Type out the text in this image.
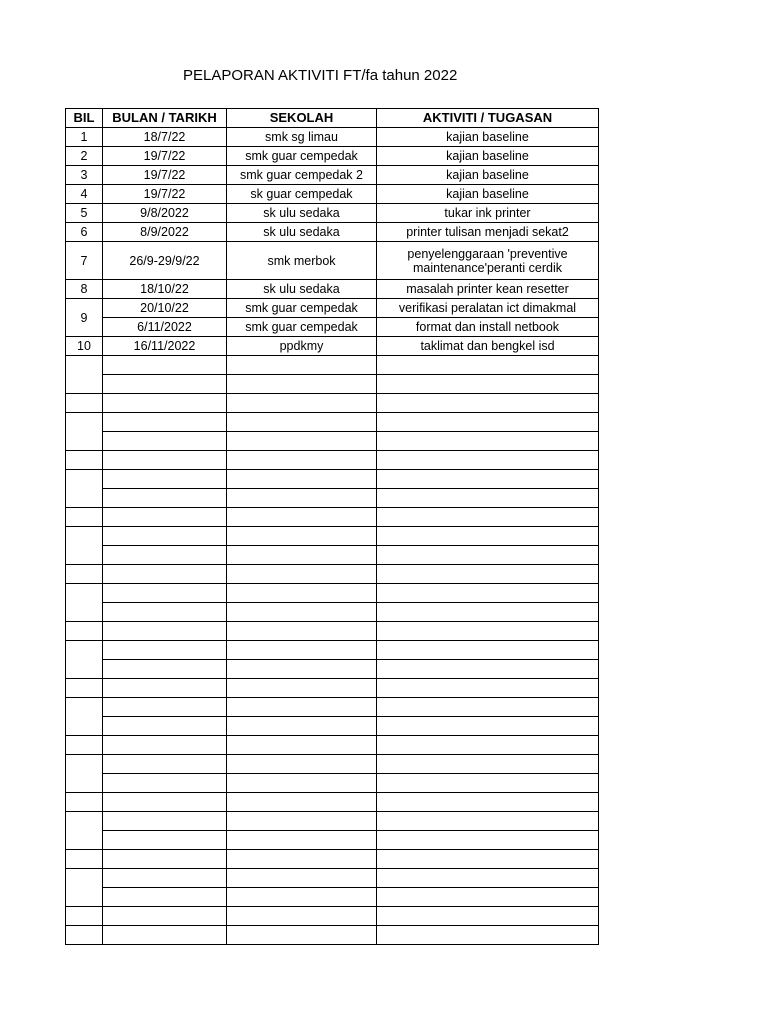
PELAPORAN AKTIVITI FT/fa tahun 2022
BIL	BULAN / TARIKH	SEKOLAH	AKTIVITI / TUGASAN
1	18/7/22	smk sg limau	kajian baseline
2	19/7/22	smk guar cempedak	kajian baseline
3	19/7/22	smk guar cempedak 2	kajian baseline
4	19/7/22	sk guar cempedak	kajian baseline
5	9/8/2022	sk ulu sedaka	tukar ink printer
6	8/9/2022	sk ulu sedaka	printer tulisan menjadi sekat2
7	26/9-29/9/22	smk merbok	penyelenggaraan 'preventive maintenance'peranti cerdik
8	18/10/22	sk ulu sedaka	masalah printer kean resetter
9	20/10/22	smk guar cempedak	verifikasi peralatan ict dimakmal
	6/11/2022	smk guar cempedak	format dan install netbook
10	16/11/2022	ppdkmy	taklimat dan bengkel isd
